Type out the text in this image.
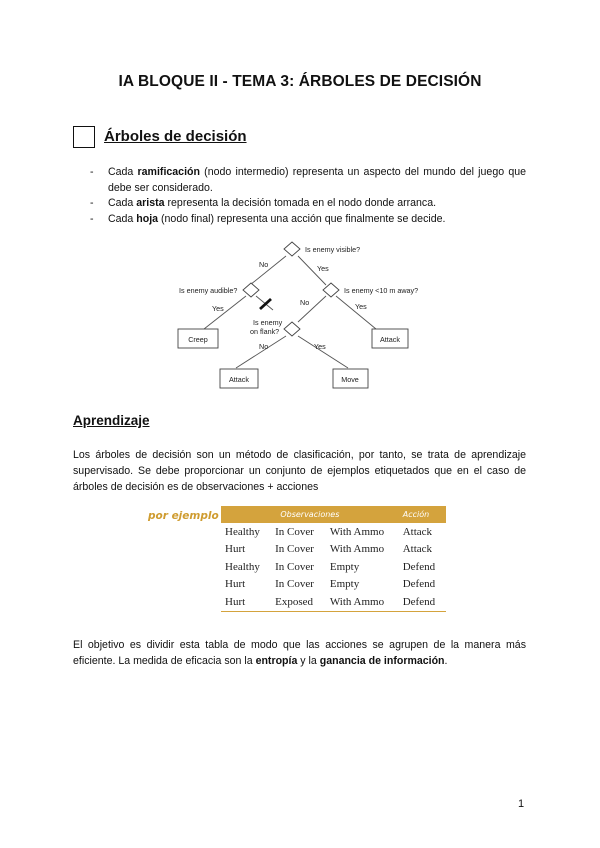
IA BLOQUE II - TEMA 3: ÁRBOLES DE DECISIÓN
Árboles de decisión
- Cada ramificación (nodo intermedio) representa un aspecto del mundo del juego que debe ser considerado.
- Cada arista representa la decisión tomada en el nodo donde arranca.
- Cada hoja (nodo final) representa una acción que finalmente se decide.
Is enemy visible?
Is enemy audible?	Is enemy <10 m away?
Is enemy
on flank?
No	Yes
Yes
No	Yes
No	Yes
Creep	Attack
Attack	Move
Aprendizaje
Los árboles de decisión son un método de clasificación, por tanto, se trata de aprendizaje supervisado. Se debe proporcionar un conjunto de ejemplos etiquetados que en el caso de árboles de decisión es de observaciones + acciones
por ejemplo	Observaciones			Acción
Healthy	In Cover	With Ammo	Attack
Hurt	In Cover	With Ammo	Attack
Healthy	In Cover	Empty	Defend
Hurt	In Cover	Empty	Defend
Hurt	Exposed	With Ammo	Defend
El objetivo es dividir esta tabla de modo que las acciones se agrupen de la manera más eficiente. La medida de eficacia son la entropía y la ganancia de información.
1
